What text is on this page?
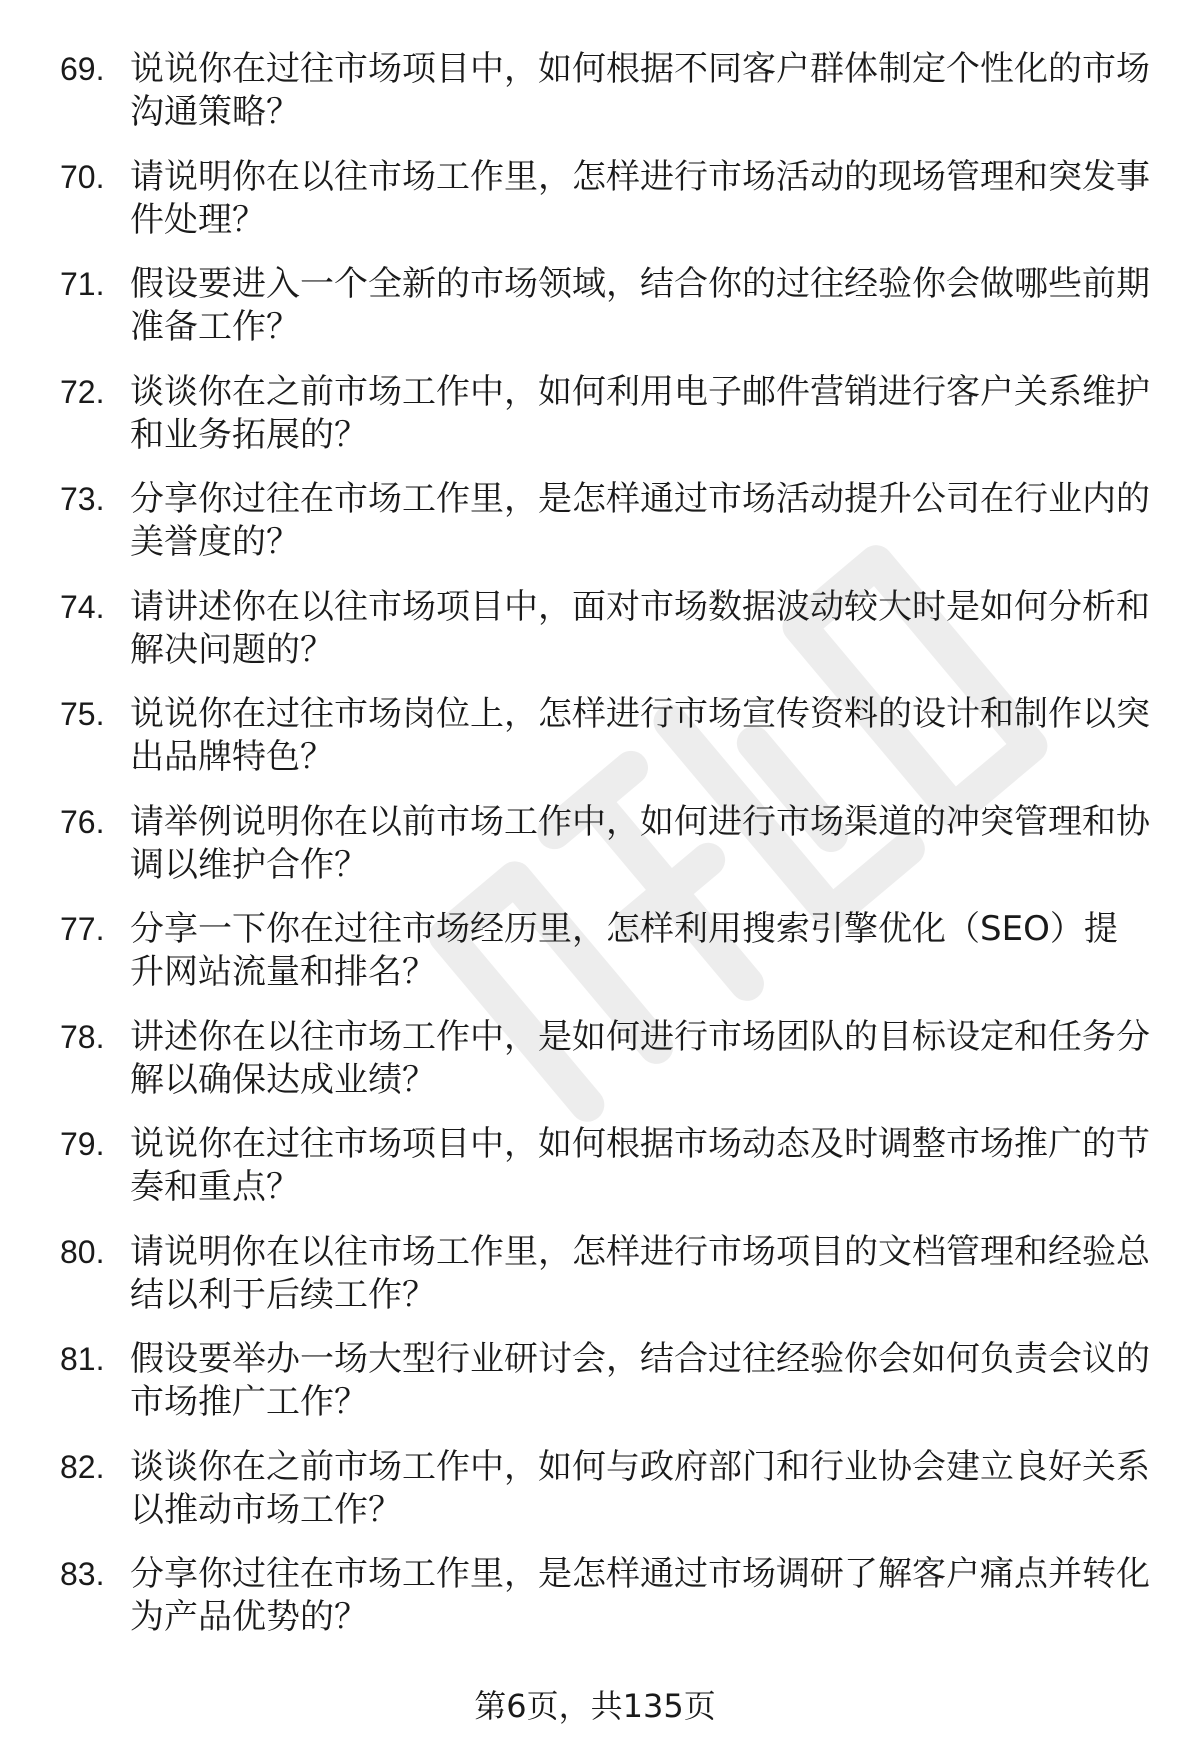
69. 说说你在过往市场项目中，如何根据不同客户群体制定个性化的市场沟通策略？
70. 请说明你在以往市场工作里，怎样进行市场活动的现场管理和突发事件处理？
71. 假设要进入一个全新的市场领域，结合你的过往经验你会做哪些前期准备工作？
72. 谈谈你在之前市场工作中，如何利用电子邮件营销进行客户关系维护和业务拓展的？
73. 分享你过往在市场工作里，是怎样通过市场活动提升公司在行业内的美誉度的？
74. 请讲述你在以往市场项目中，面对市场数据波动较大时是如何分析和解决问题的？
75. 说说你在过往市场岗位上，怎样进行市场宣传资料的设计和制作以突出品牌特色？
76. 请举例说明你在以前市场工作中，如何进行市场渠道的冲突管理和协调以维护合作？
77. 分享一下你在过往市场经历里，怎样利用搜索引擎优化（SEO）提升网站流量和排名？
78. 讲述你在以往市场工作中，是如何进行市场团队的目标设定和任务分解以确保达成业绩？
79. 说说你在过往市场项目中，如何根据市场动态及时调整市场推广的节奏和重点？
80. 请说明你在以往市场工作里，怎样进行市场项目的文档管理和经验总结以利于后续工作？
81. 假设要举办一场大型行业研讨会，结合过往经验你会如何负责会议的市场推广工作？
82. 谈谈你在之前市场工作中，如何与政府部门和行业协会建立良好关系以推动市场工作？
83. 分享你过往在市场工作里，是怎样通过市场调研了解客户痛点并转化为产品优势的？
第6页，共135页
